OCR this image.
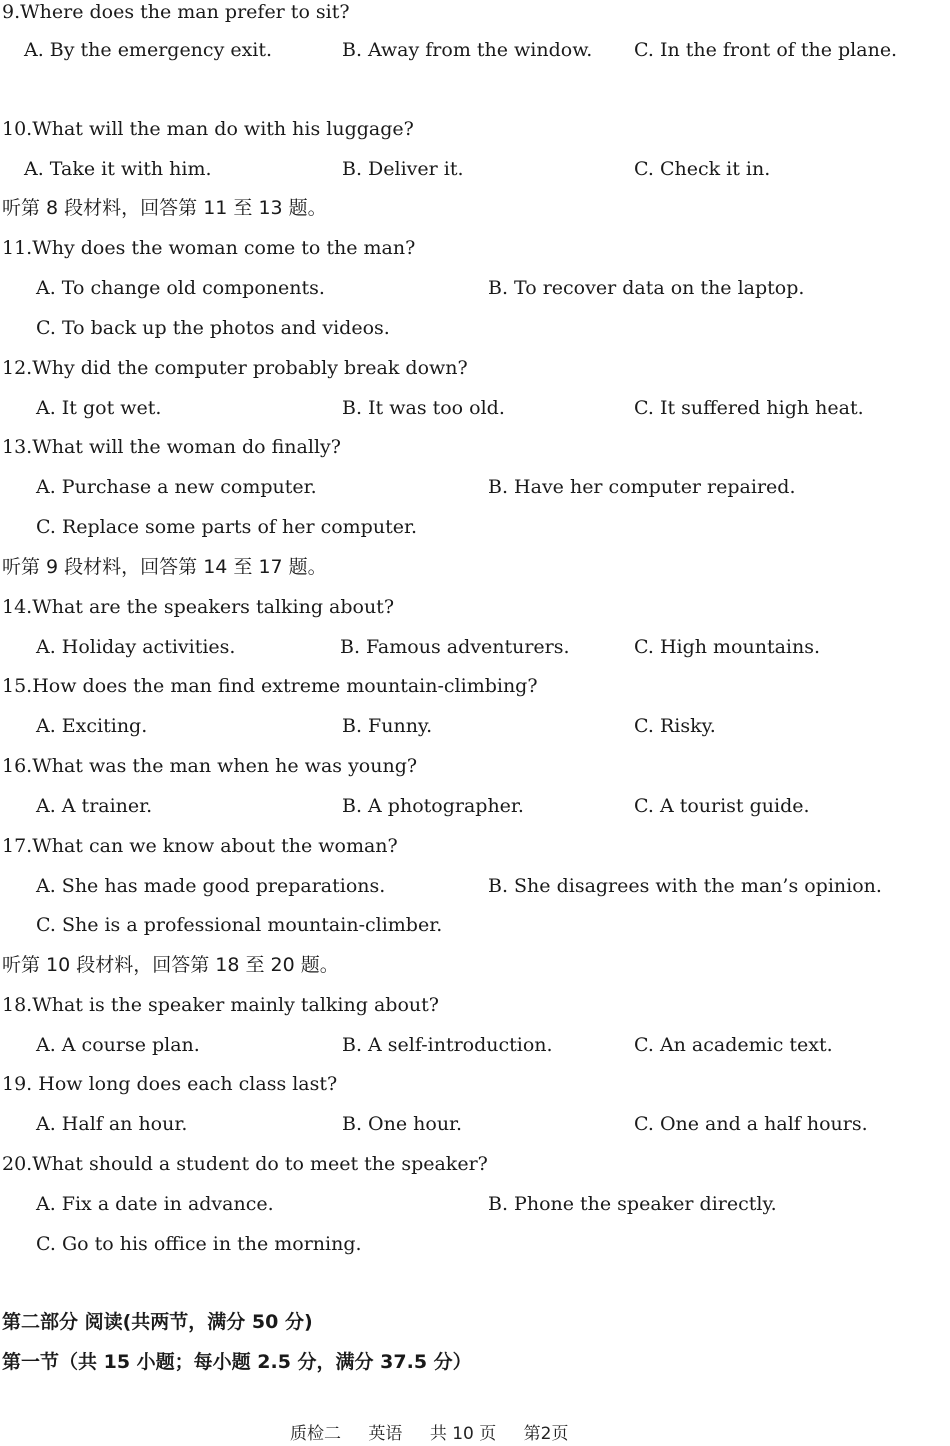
9.Where does the man prefer to sit?
A. By the emergency exit.	B. Away from the window. C. In the front of the plane.
10.What will the man do with his luggage?
A. Take it with him.	B. Deliver it.	C. Check it in.
听第 8 段材料，回答第 11 至 13 题。
11.Why does the woman come to the man?
A. To change old components.	B. To recover data on the laptop.
C. To back up the photos and videos.
12.Why did the computer probably break down?
A. It got wet.	B. It was too old.	C. It suffered high heat.
13.What will the woman do finally?
A. Purchase a new computer.	B. Have her computer repaired.
C. Replace some parts of her computer.
听第 9 段材料，回答第 14 至 17 题。
14.What are the speakers talking about?
A. Holiday activities.	B. Famous adventurers.	C. High mountains.
15.How does the man find extreme mountain-climbing?
A. Exciting.	B. Funny.	C. Risky.
16.What was the man when he was young?
A. A trainer.	B. A photographer.	C. A tourist guide.
17.What can we know about the woman?
A. She has made good preparations.	B. She disagrees with the man’s opinion.
C. She is a professional mountain-climber.
听第 10 段材料，回答第 18 至 20 题。
18.What is the speaker mainly talking about?
A. A course plan.	B. A self-introduction.	C. An academic text.
19. How long does each class last?
A. Half an hour.	B. One hour.	C. One and a half hours.
20.What should a student do to meet the speaker?
A. Fix a date in advance.	B. Phone the speaker directly.
C. Go to his office in the morning.
第二部分 阅读(共两节，满分 50 分)
第一节（共 15 小题；每小题 2.5 分，满分 37.5 分）
质检二 英语 共 10 页 第2页
